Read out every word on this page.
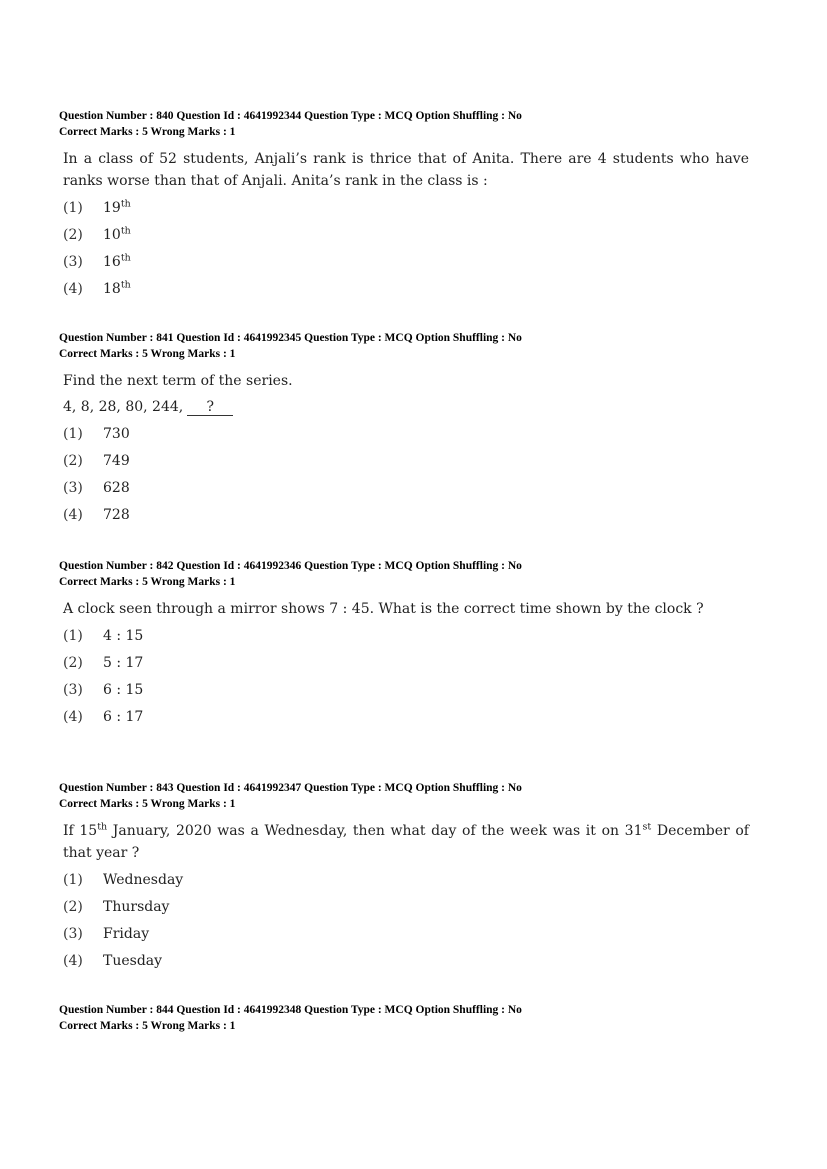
Question Number : 840 Question Id : 4641992344 Question Type : MCQ Option Shuffling : No
Correct Marks : 5 Wrong Marks : 1
In a class of 52 students, Anjali’s rank is thrice that of Anita. There are 4 students who have ranks worse than that of Anjali. Anita’s rank in the class is :
(1) 19th
(2) 10th
(3) 16th
(4) 18th
Question Number : 841 Question Id : 4641992345 Question Type : MCQ Option Shuffling : No
Correct Marks : 5 Wrong Marks : 1
Find the next term of the series.
4, 8, 28, 80, 244, ?
(1) 730
(2) 749
(3) 628
(4) 728
Question Number : 842 Question Id : 4641992346 Question Type : MCQ Option Shuffling : No
Correct Marks : 5 Wrong Marks : 1
A clock seen through a mirror shows 7 : 45. What is the correct time shown by the clock ?
(1) 4 : 15
(2) 5 : 17
(3) 6 : 15
(4) 6 : 17
Question Number : 843 Question Id : 4641992347 Question Type : MCQ Option Shuffling : No
Correct Marks : 5 Wrong Marks : 1
If 15th January, 2020 was a Wednesday, then what day of the week was it on 31st December of that year ?
(1) Wednesday
(2) Thursday
(3) Friday
(4) Tuesday
Question Number : 844 Question Id : 4641992348 Question Type : MCQ Option Shuffling : No
Correct Marks : 5 Wrong Marks : 1
